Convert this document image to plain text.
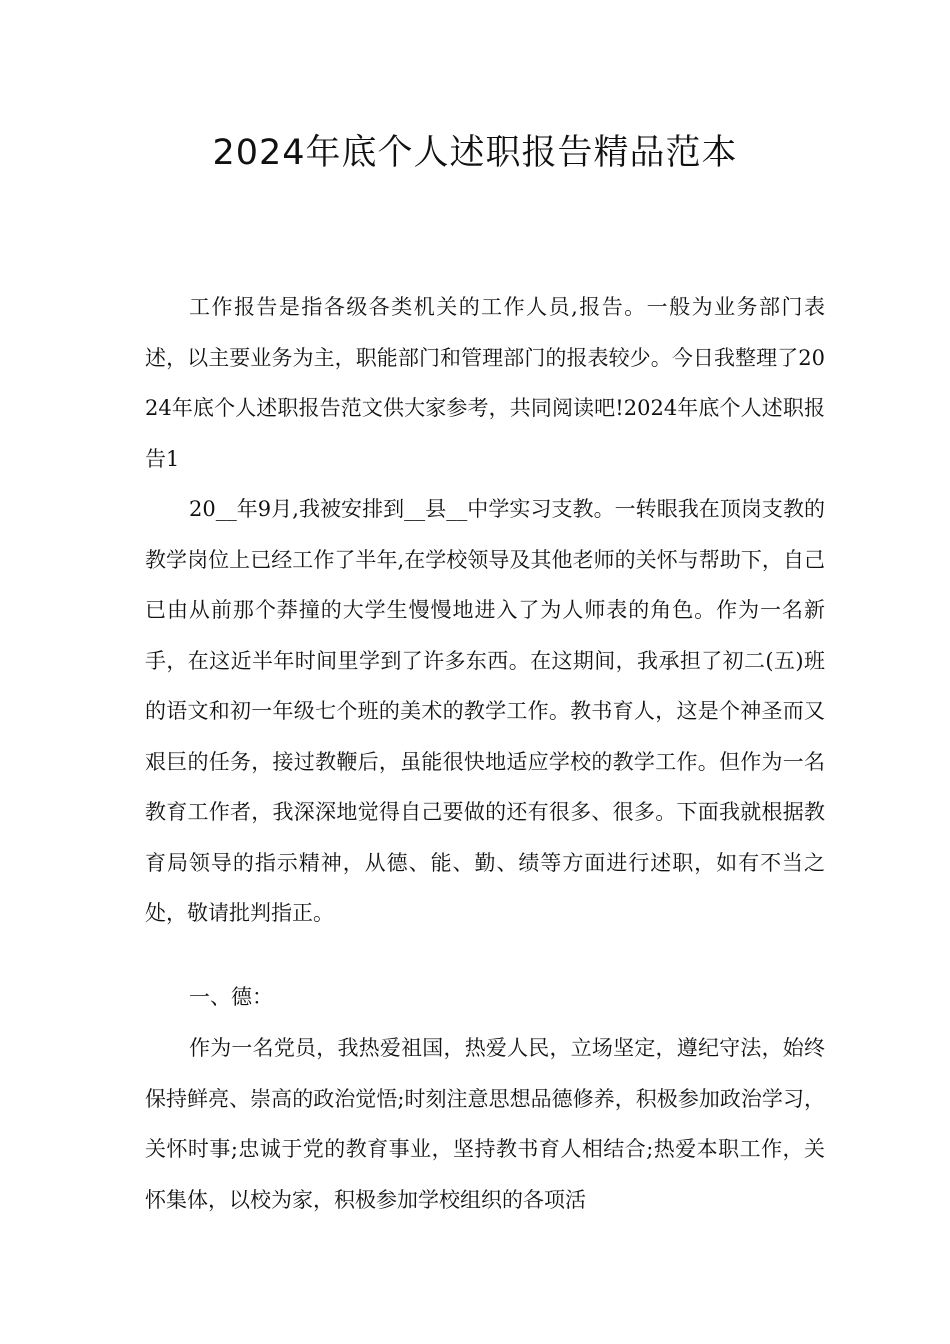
2024年底个人述职报告精品范本

工作报告是指各级各类机关的工作人员,报告。一般为业务部门表述，以主要业务为主，职能部门和管理部门的报表较少。今日我整理了2024年底个人述职报告范文供大家参考，共同阅读吧!2024年底个人述职报告1

20__年9月,我被安排到__县__中学实习支教。一转眼我在顶岗支教的教学岗位上已经工作了半年,在学校领导及其他老师的关怀与帮助下，自己已由从前那个莽撞的大学生慢慢地进入了为人师表的角色。作为一名新手，在这近半年时间里学到了许多东西。在这期间，我承担了初二(五)班的语文和初一年级七个班的美术的教学工作。教书育人，这是个神圣而又艰巨的任务，接过教鞭后，虽能很快地适应学校的教学工作。但作为一名教育工作者，我深深地觉得自己要做的还有很多、很多。下面我就根据教育局领导的指示精神，从德、能、勤、绩等方面进行述职，如有不当之处，敬请批判指正。

一、德：

作为一名党员，我热爱祖国，热爱人民，立场坚定，遵纪守法，始终保持鲜亮、崇高的政治觉悟;时刻注意思想品德修养，积极参加政治学习，关怀时事;忠诚于党的教育事业，坚持教书育人相结合;热爱本职工作，关怀集体，以校为家，积极参加学校组织的各项活
